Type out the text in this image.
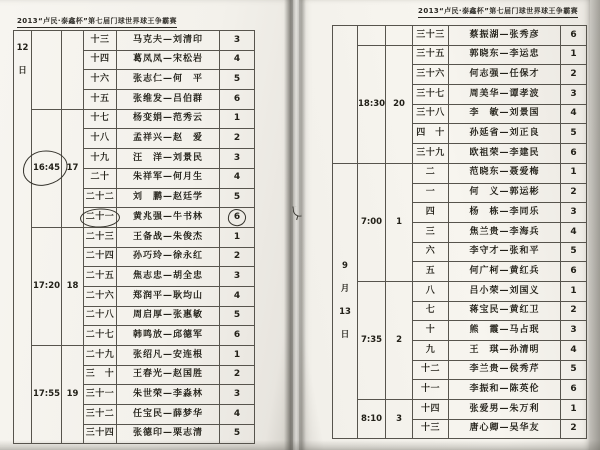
2013“卢民·泰鑫杯”第七届门球世界球王争霸赛
12
日			十三	马克夫—刘清印	3
			十四	葛凤凤—宋松岩	4
			十六	张志仁—何　平	5
			十五	张维发—吕伯群	6
	16:45	17	十七	杨变娟—范秀云	1
			十八	孟祥兴—赵　爱	2
			十九	汪　洋—刘景民	3
			二十	朱祥军—何月生	4
			二十二	刘　鹏—赵廷学	5
			二十一	黄兆强—牛书林	6
	17:20	18	二十三	王备战—朱俊杰	1
			二十四	孙巧玲—徐永红	2
			二十五	焦志忠—胡全忠	3
			二十六	郑润平—耿均山	4
			二十八	周启厚—张惠敏	5
			二十七	韩鸣放—邱德军	6
	17:55	19	二十九	张绍凡—安连根	1
			三　十	王春光—赵国胜	2
			三十一	朱世荣—李淼林	3
			三十二	任宝民—薛梦华	4
			三十四	张德印—栗志清	5
2013“卢民·泰鑫杯”第七届门球世界球王争霸赛
			三十三	蔡振湖—张秀彦	6
	18:30	20	三十五	郭晓东—李运忠	1
			三十六	何志强—任保才	2
			三十七	周美华—谭孝波	3
			三十八	李　敏—刘景国	4
			四　十	孙延省—刘正良	5
			三十九	欧祖荣—李建民	6

9
月
13
日	7:00	1	二	范晓东—聂爱梅	1
			一	何　义—郭运彬	2
			四	杨　栋—李同乐	3
			三	焦兰贵—李海兵	4
			六	李守才—张和平	5
			五	何广柯—黄红兵	6
	7:35	2	八	吕小荣—刘国义	1
			七	蒋宝民—黄红卫	2
			十	熊　霞—马占珉	3
			九	王　琪—孙清明	4
			十二	李兰贵—侯秀芹	5
			十一	李振和—陈英伦	6
	8:10	3	十四	张爱男—朱万利	1
			十三	唐心卿—吴华友	2
